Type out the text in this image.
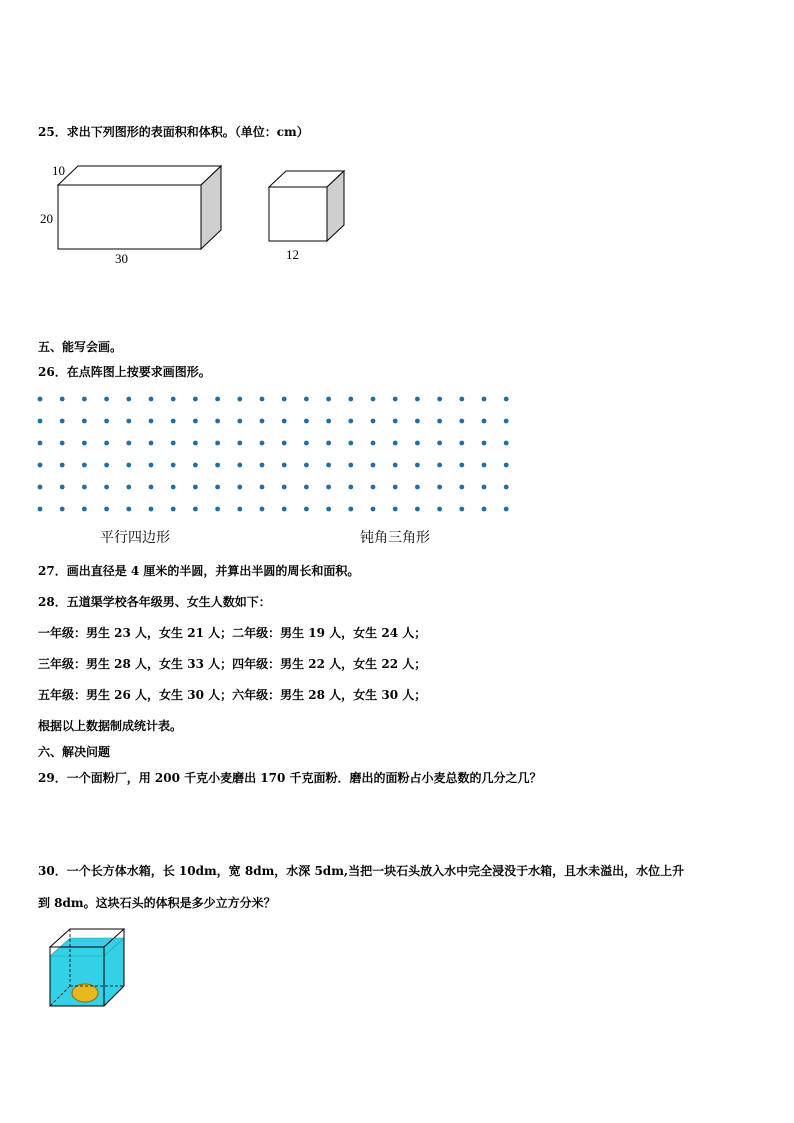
25．求出下列图形的表面积和体积。（单位：cm）
10
20
30	12
五、能写会画。
26．在点阵图上按要求画图形。
平行四边形	钝角三角形
27．画出直径是 4 厘米的半圆，并算出半圆的周长和面积。
28．五道渠学校各年级男、女生人数如下：
一年级：男生 23 人，女生 21 人；二年级：男生 19 人，女生 24 人；
三年级：男生 28 人，女生 33 人；四年级：男生 22 人，女生 22 人；
五年级：男生 26 人，女生 30 人；六年级：男生 28 人，女生 30 人；
根据以上数据制成统计表。
六、解决问题
29．一个面粉厂，用 200 千克小麦磨出 170 千克面粉．磨出的面粉占小麦总数的几分之几？
30．一个长方体水箱，长 10dm，宽 8dm，水深 5dm,当把一块石头放入水中完全浸没于水箱，且水未溢出，水位上升
到 8dm。这块石头的体积是多少立方分米？
